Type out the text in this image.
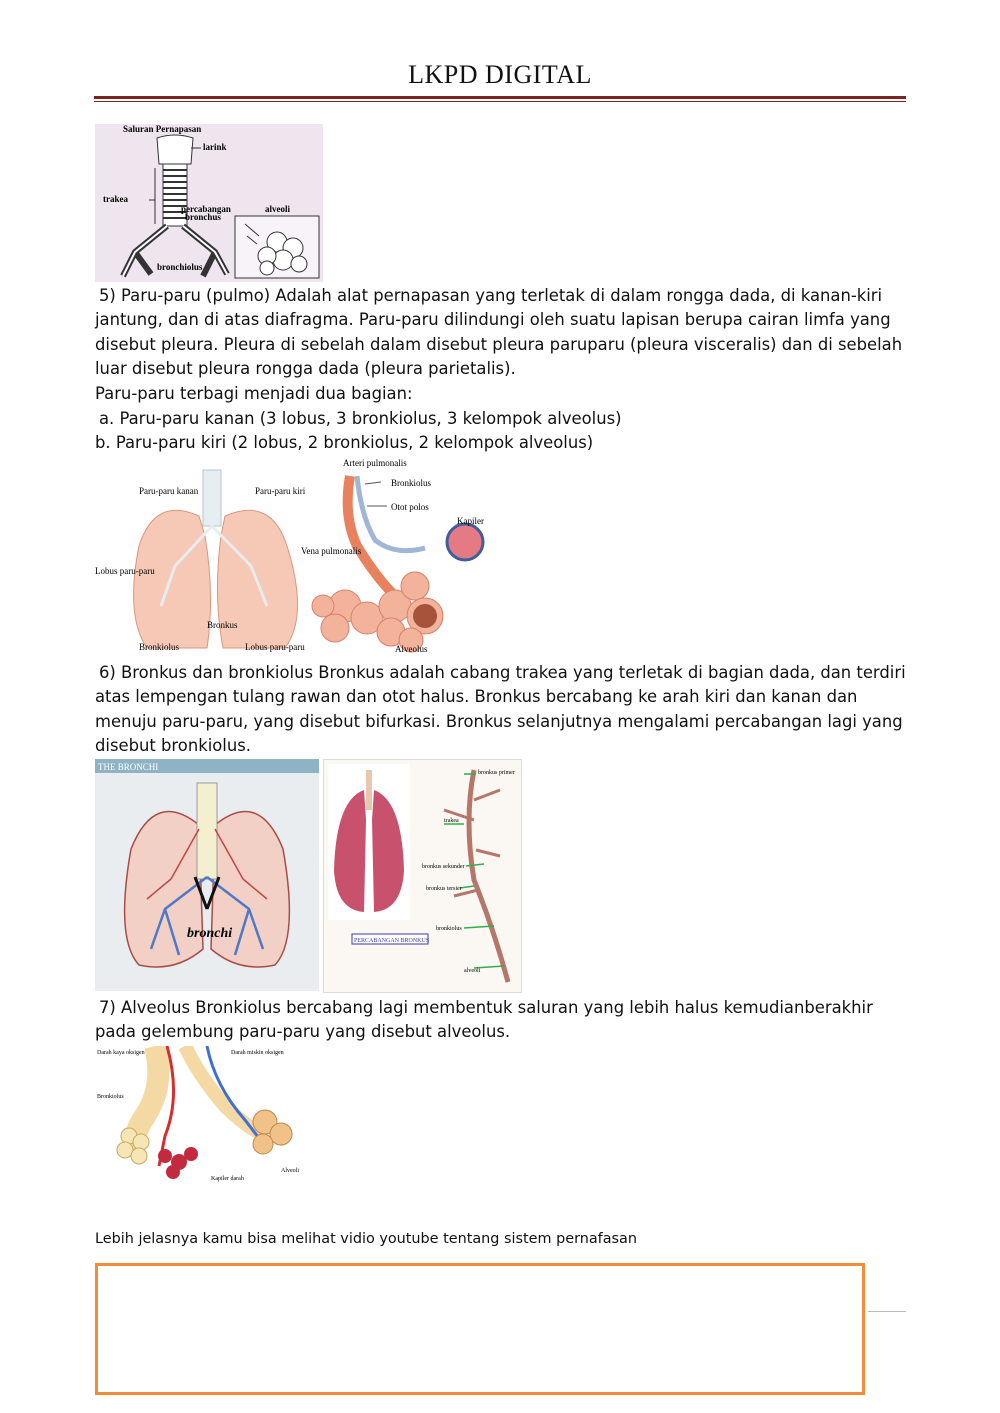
LKPD DIGITAL
Saluran Pernapasan
larink
trakea
percabangan
bronchus
alveoli
bronchiolus

5) Paru-paru (pulmo) Adalah alat pernapasan yang terletak di dalam rongga dada, di kanan-kiri jantung, dan di atas diafragma. Paru-paru dilindungi oleh suatu lapisan berupa cairan limfa yang disebut pleura. Pleura di sebelah dalam disebut pleura paruparu (pleura visceralis) dan di sebelah luar disebut pleura rongga dada (pleura parietalis).

Paru-paru terbagi menjadi dua bagian:

a. Paru-paru kanan (3 lobus, 3 bronkiolus, 3 kelompok alveolus)

b. Paru-paru kiri (2 lobus, 2 bronkiolus, 2 kelompok alveolus)

Paru-paru kanan	Paru-paru kiri
Lobus paru-paru
Bronkus
Bronkiolus	Lobus paru-paru
Arteri pulmonalis
Bronkiolus
Otot polos
Kapiler
Vena pulmonalis
Alveolus

6) Bronkus dan bronkiolus Bronkus adalah cabang trakea yang terletak di bagian dada, dan terdiri atas lempengan tulang rawan dan otot halus. Bronkus bercabang ke arah kiri dan kanan dan menuju paru-paru, yang disebut bifurkasi. Bronkus selanjutnya mengalami percabangan lagi yang disebut bronkiolus.

THE BRONCHI
bronchi
bronkus primer
trakea
bronkus sekunder
bronkus tersier
bronkiolus
alveoli
PERCABANGAN BRONKUS

7) Alveolus Bronkiolus bercabang lagi membentuk saluran yang lebih halus kemudianberakhir pada gelembung paru-paru yang disebut alveolus.

Darah kaya oksigen	Darah miskin oksigen
Bronkiolus
Alveoli
Kapiler darah
Lebih jelasnya kamu bisa melihat vidio youtube tentang sistem pernafasan
